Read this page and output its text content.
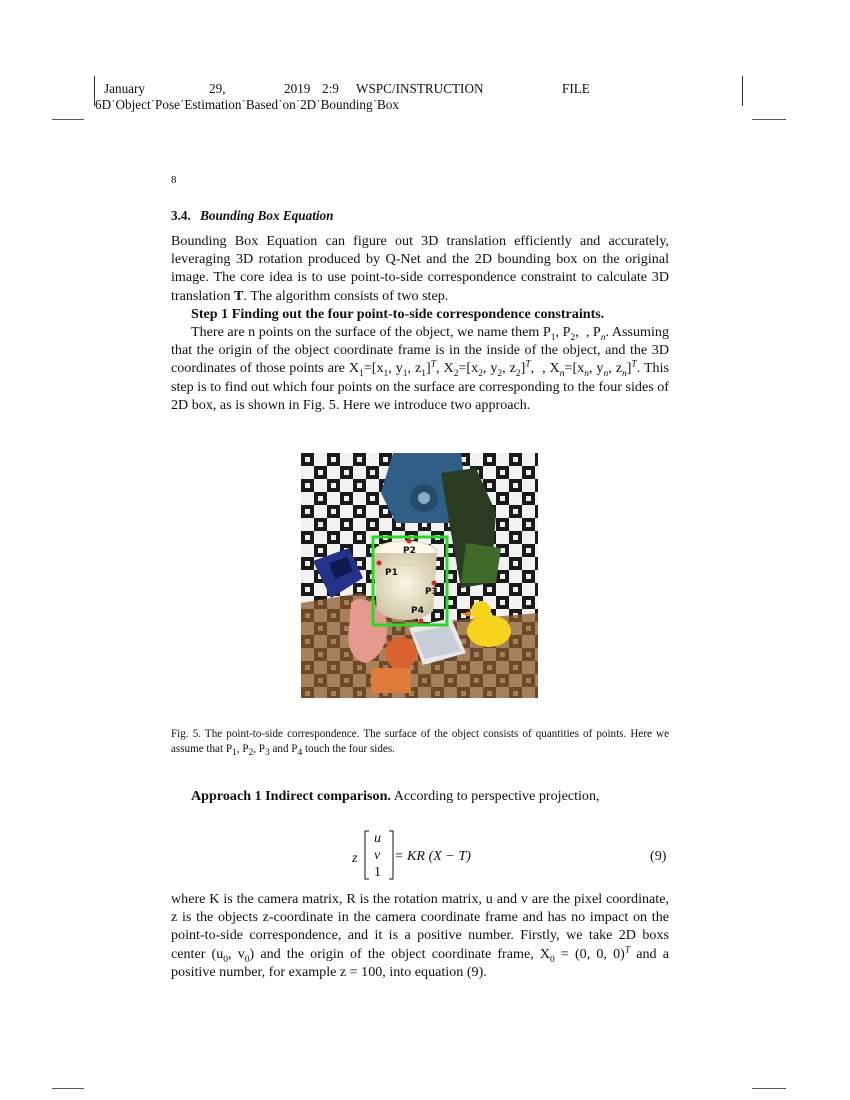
January	29,	2019 2:9 WSPC/INSTRUCTION	FILE
6D˙Object˙Pose˙Estimation˙Based˙on˙2D˙Bounding˙Box
8
3.4. Bounding Box Equation
Bounding Box Equation can figure out 3D translation efficiently and accurately, leveraging 3D rotation produced by Q-Net and the 2D bounding box on the original image. The core idea is to use point-to-side correspondence constraint to calculate 3D translation T. The algorithm consists of two step.
Step 1 Finding out the four point-to-side correspondence constraints.
There are n points on the surface of the object, we name them $P_1$, $P_2$,  , $P_n$. Assuming that the origin of the object coordinate frame is in the inside of the object, and the 3D coordinates of those points are $X_1=[x_1$, $y_1$, $z_1]^T$, $X_2=[x_2$, $y_2$, $z_2]^T$,  , $X_n=[x_n$, $y_n$, $z_n]^T$. This step is to find out which four points on the surface are corresponding to the four sides of 2D box, as is shown in Fig. 5. Here we introduce two approach.
P2
P1
P3
P4
Fig. 5. The point-to-side correspondence. The surface of the object consists of quantities of points. Here we assume that $P_1$, $P_2$, $P_3$ and $P_4$ touch the four sides.
Approach 1 Indirect comparison. According to perspective projection,
z
u
v
1
= KR (X − T)	(9)
where K is the camera matrix, R is the rotation matrix, u and v are the pixel coordinate, z is the objects z-coordinate in the camera coordinate frame and has no impact on the point-to-side correspondence, and it is a positive number. Firstly, we take 2D boxs center ($u_0$, $v_0$) and the origin of the object coordinate frame, $X_0 = (0$, 0, 0)$^T$ and a positive number, for example z = 100, into equation (9).
